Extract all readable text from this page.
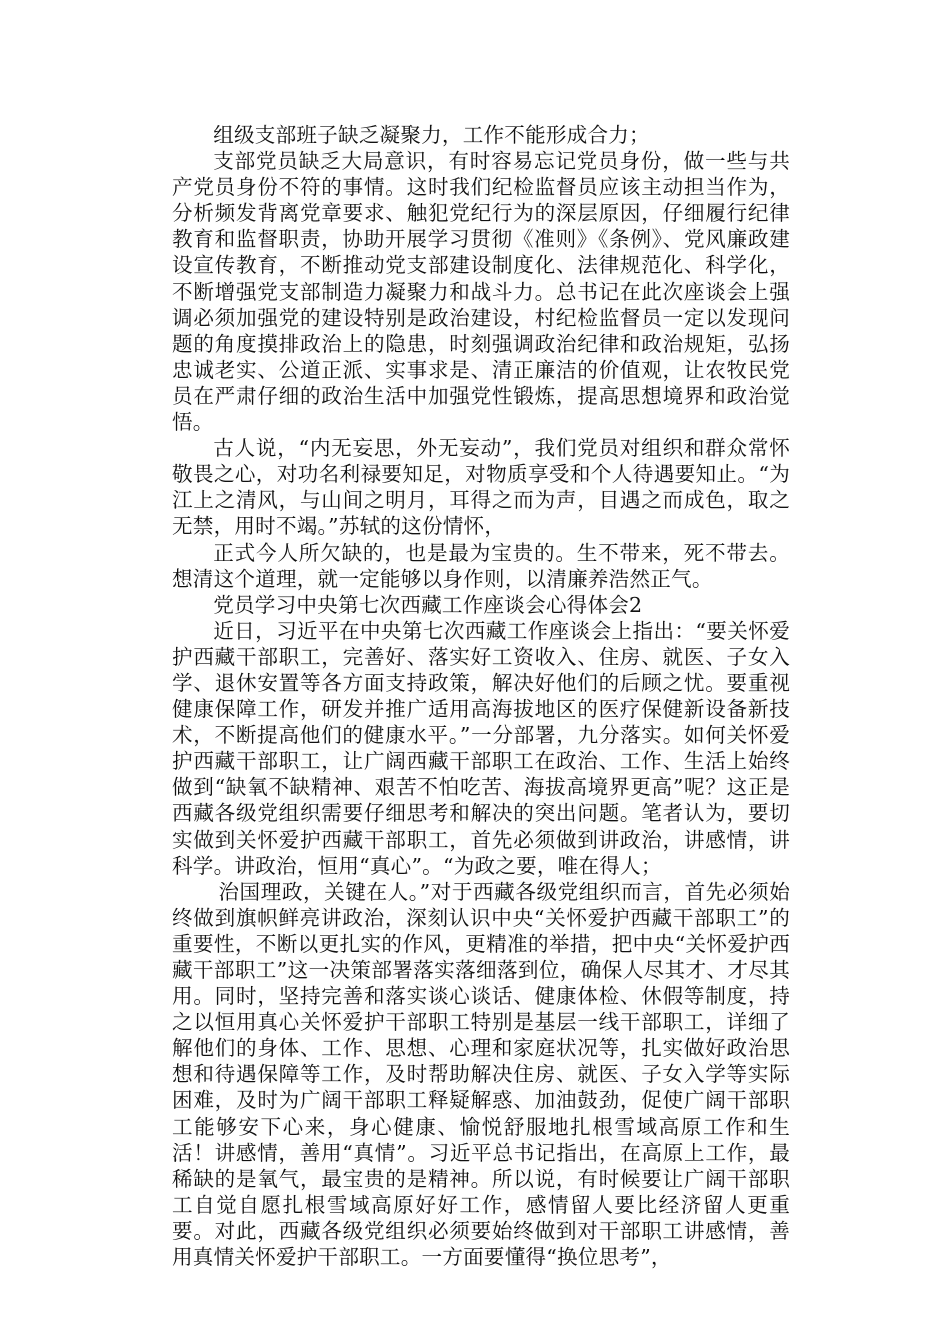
组级支部班子缺乏凝聚力，工作不能形成合力；

支部党员缺乏大局意识，有时容易忘记党员身份，做一些与共产党员身份不符的事情。这时我们纪检监督员应该主动担当作为，分析频发背离党章要求、触犯党纪行为的深层原因，仔细履行纪律教育和监督职责，协助开展学习贯彻《准则》《条例》、党风廉政建设宣传教育，不断推动党支部建设制度化、法律规范化、科学化，不断增强党支部制造力凝聚力和战斗力。总书记在此次座谈会上强调必须加强党的建设特别是政治建设，村纪检监督员一定以发现问题的角度摸排政治上的隐患，时刻强调政治纪律和政治规矩，弘扬忠诚老实、公道正派、实事求是、清正廉洁的价值观，让农牧民党员在严肃仔细的政治生活中加强党性锻炼，提高思想境界和政治觉悟。

古人说，“内无妄思，外无妄动”，我们党员对组织和群众常怀敬畏之心，对功名利禄要知足，对物质享受和个人待遇要知止。“为江上之清风，与山间之明月，耳得之而为声，目遇之而成色，取之无禁，用时不竭。”苏轼的这份情怀，

正式今人所欠缺的，也是最为宝贵的。生不带来，死不带去。想清这个道理，就一定能够以身作则，以清廉养浩然正气。

党员学习中央第七次西藏工作座谈会心得体会2

近日，习近平在中央第七次西藏工作座谈会上指出：“要关怀爱护西藏干部职工，完善好、落实好工资收入、住房、就医、子女入学、退休安置等各方面支持政策，解决好他们的后顾之忧。要重视健康保障工作，研发并推广适用高海拔地区的医疗保健新设备新技术，不断提高他们的健康水平。”一分部署，九分落实。如何关怀爱护西藏干部职工，让广阔西藏干部职工在政治、工作、生活上始终做到“缺氧不缺精神、艰苦不怕吃苦、海拔高境界更高”呢？这正是西藏各级党组织需要仔细思考和解决的突出问题。笔者认为，要切实做到关怀爱护西藏干部职工，首先必须做到讲政治，讲感情，讲科学。讲政治，恒用“真心”。“为政之要，唯在得人；

治国理政，关键在人。”对于西藏各级党组织而言，首先必须始终做到旗帜鲜亮讲政治，深刻认识中央“关怀爱护西藏干部职工”的重要性，不断以更扎实的作风，更精准的举措，把中央“关怀爱护西藏干部职工”这一决策部署落实落细落到位，确保人尽其才、才尽其用。同时，坚持完善和落实谈心谈话、健康体检、休假等制度，持之以恒用真心关怀爱护干部职工特别是基层一线干部职工，详细了解他们的身体、工作、思想、心理和家庭状况等，扎实做好政治思想和待遇保障等工作，及时帮助解决住房、就医、子女入学等实际困难，及时为广阔干部职工释疑解惑、加油鼓劲，促使广阔干部职工能够安下心来，身心健康、愉悦舒服地扎根雪域高原工作和生活！讲感情，善用“真情”。习近平总书记指出，在高原上工作，最稀缺的是氧气，最宝贵的是精神。所以说，有时候要让广阔干部职工自觉自愿扎根雪域高原好好工作，感情留人要比经济留人更重要。对此，西藏各级党组织必须要始终做到对干部职工讲感情，善用真情关怀爱护干部职工。一方面要懂得“换位思考”，
